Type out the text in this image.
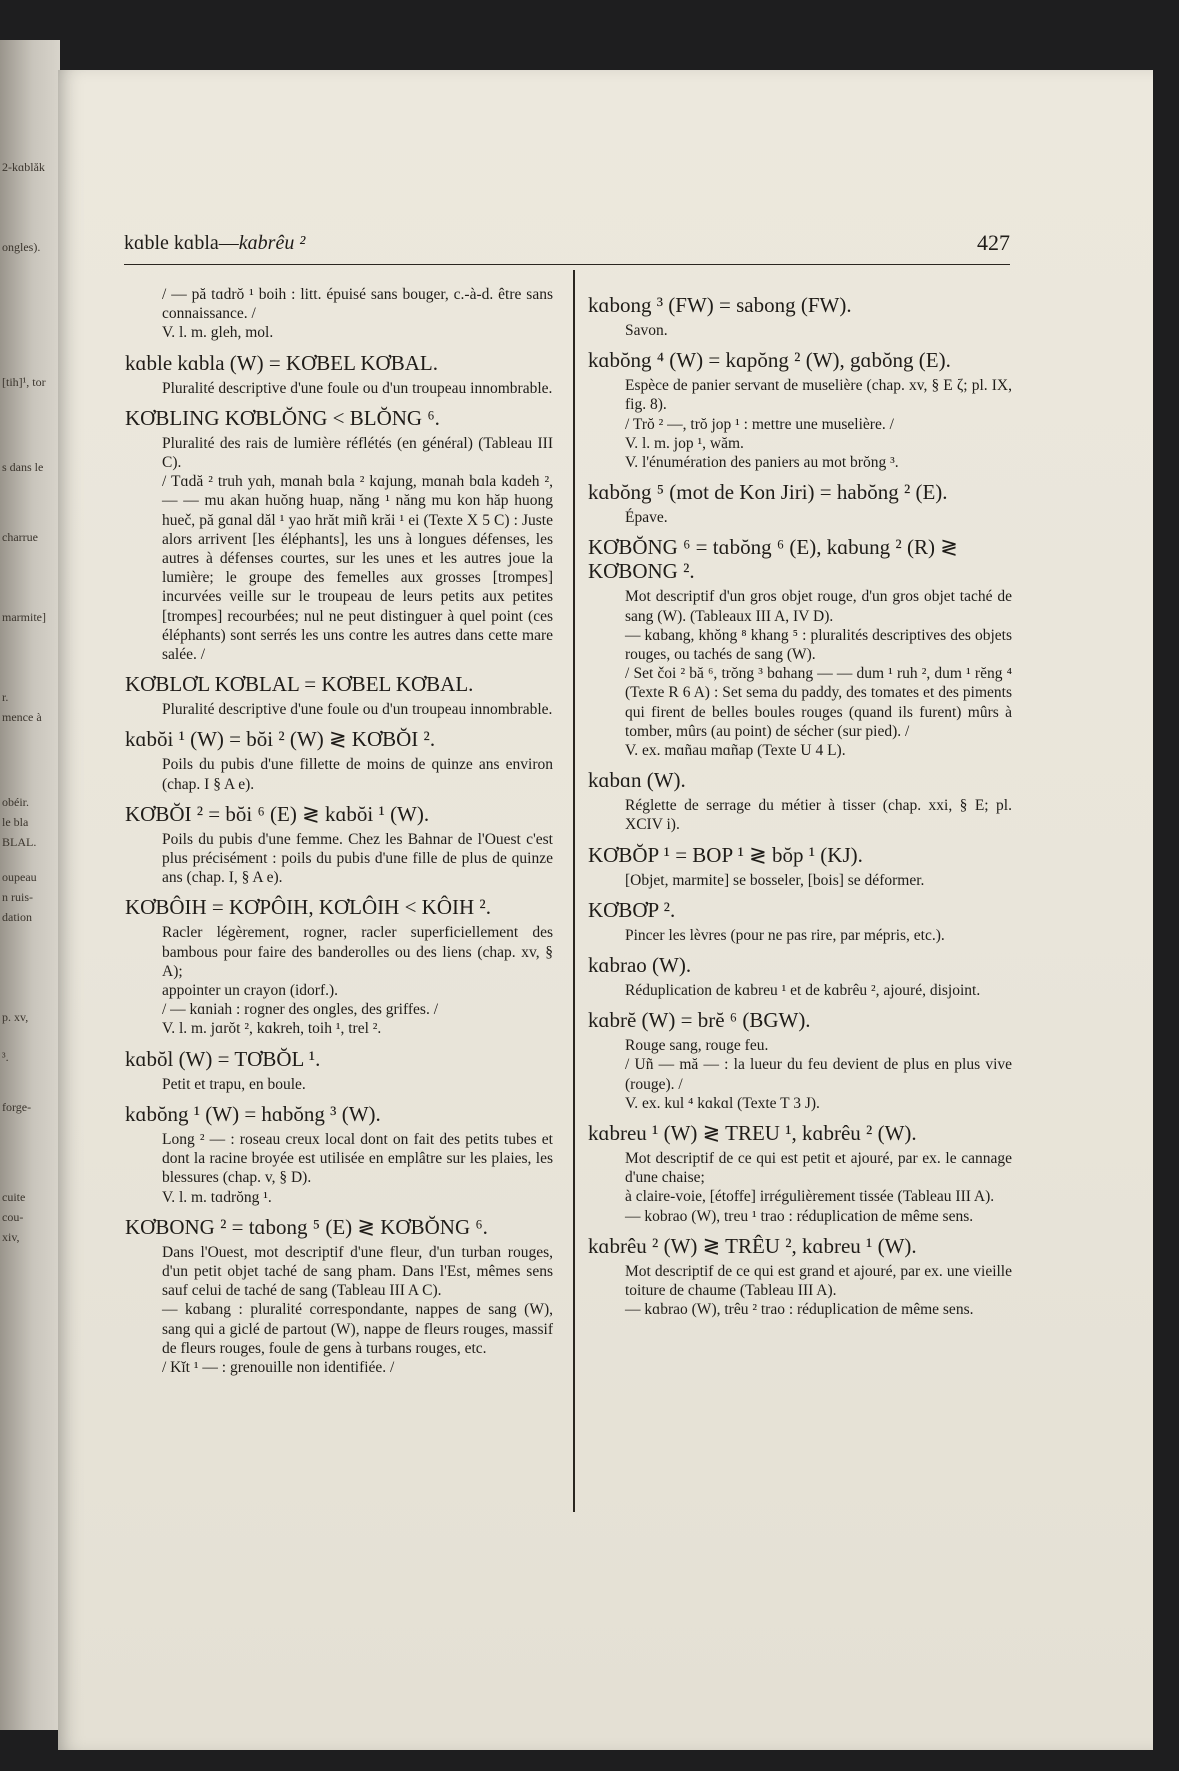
2-kɑblăk
ongles).
[tih]¹, tor
s dans le
charrue
marmite]
r.
mence à
obéir.
le bla
BLAL.
oupeau
n ruis-
dation
p. xv,
³.
forge-
cuite
cou-
xiv,
kɑble kɑbla—kɑbrêu ²	427

/ — pă tɑdrŏ ¹ boih : litt. épuisé sans bouger, c.-à-d. être sans connaissance. /

V. l. m. gleh, mol.

kɑble kɑbla (W) = KƠBEL KƠBAL.

Pluralité descriptive d'une foule ou d'un troupeau innombrable.

KƠBLING KƠBLŎNG < BLŎNG ⁶.

Pluralité des rais de lumière réflétés (en général) (Tableau III C).

/ Tɑdă ² truh yɑh, mɑnah bɑla ² kɑjung, mɑnah bɑla kɑdeh ², — — mu akan huŏng huap, năng ¹ năng mu kon hăp huong hueč, pă gɑnal dăl ¹ yao hrăt miñ krăi ¹ ei (Texte X 5 C) : Juste alors arrivent [les éléphants], les uns à longues défenses, les autres à défenses courtes, sur les unes et les autres joue la lumière; le groupe des femelles aux grosses [trompes] incurvées veille sur le troupeau de leurs petits aux petites [trompes] recourbées; nul ne peut distinguer à quel point (ces éléphants) sont serrés les uns contre les autres dans cette mare salée. /

KƠBLƠL KƠBLAL = KƠBEL KƠBAL.

Pluralité descriptive d'une foule ou d'un troupeau innombrable.

kɑbŏi ¹ (W) = bŏi ² (W) ≷ KƠBŎI ².

Poils du pubis d'une fillette de moins de quinze ans environ (chap. I § A e).

KƠBŎI ² = bŏi ⁶ (E) ≷ kɑbŏi ¹ (W).

Poils du pubis d'une femme. Chez les Bahnar de l'Ouest c'est plus précisément : poils du pubis d'une fille de plus de quinze ans (chap. I, § A e).

KƠBÔIH = KƠPÔIH, KƠLÔIH < KÔIH ².

Racler légèrement, rogner, racler superficiellement des bambous pour faire des banderolles ou des liens (chap. xv, § A);

appointer un crayon (idorf.).

/ — kɑniah : rogner des ongles, des griffes. /

V. l. m. jɑrŏt ², kɑkreh, toih ¹, trel ².

kɑbŏl (W) = TƠBŎL ¹.

Petit et trapu, en boule.

kɑbŏng ¹ (W) = hɑbŏng ³ (W).

Long ² — : roseau creux local dont on fait des petits tubes et dont la racine broyée est utilisée en emplâtre sur les plaies, les blessures (chap. v, § D).

V. l. m. tɑdrŏng ¹.

KƠBONG ² = tɑbong ⁵ (E) ≷ KƠBŎNG ⁶.

Dans l'Ouest, mot descriptif d'une fleur, d'un turban rouges, d'un petit objet taché de sang pham. Dans l'Est, mêmes sens sauf celui de taché de sang (Tableau III A C).

— kɑbang : pluralité correspondante, nappes de sang (W), sang qui a giclé de partout (W), nappe de fleurs rouges, massif de fleurs rouges, foule de gens à turbans rouges, etc.

/ Kĭt ¹ — : grenouille non identifiée. /

kɑbong ³ (FW) = sabong (FW).

Savon.

kɑbŏng ⁴ (W) = kɑpŏng ² (W), gɑbŏng (E).

Espèce de panier servant de muselière (chap. xv, § E ζ; pl. IX, fig. 8).

/ Trŏ ² —, trŏ jop ¹ : mettre une muselière. /

V. l. m. jop ¹, wăm.

V. l'énumération des paniers au mot brŏng ³.

kɑbŏng ⁵ (mot de Kon Jiri) = habŏng ² (E).

Épave.

KƠBŎNG ⁶ = tɑbŏng ⁶ (E), kɑbung ² (R) ≷ KƠBONG ².

Mot descriptif d'un gros objet rouge, d'un gros objet taché de sang (W). (Tableaux III A, IV D).

— kɑbang, khŏng ⁸ khang ⁵ : pluralités descriptives des objets rouges, ou tachés de sang (W).

/ Set čoi ² bă ⁶, trŏng ³ bɑhang — — dum ¹ ruh ², dum ¹ rĕng ⁴ (Texte R 6 A) : Set sema du paddy, des tomates et des piments qui firent de belles boules rouges (quand ils furent) mûrs à tomber, mûrs (au point) de sécher (sur pied). /

V. ex. mɑñau mɑñap (Texte U 4 L).

kɑbɑn (W).

Réglette de serrage du métier à tisser (chap. xxi, § E; pl. XCIV i).

KƠBŎP ¹ = BOP ¹ ≷ bŏp ¹ (KJ).

[Objet, marmite] se bosseler, [bois] se déformer.

KƠBƠP ².

Pincer les lèvres (pour ne pas rire, par mépris, etc.).

kɑbrao (W).

Réduplication de kɑbreu ¹ et de kɑbrêu ², ajouré, disjoint.

kɑbrĕ (W) = brĕ ⁶ (BGW).

Rouge sang, rouge feu.

/ Uñ — mă — : la lueur du feu devient de plus en plus vive (rouge). /

V. ex. kul ⁴ kɑkɑl (Texte T 3 J).

kɑbreu ¹ (W) ≷ TREU ¹, kɑbrêu ² (W).

Mot descriptif de ce qui est petit et ajouré, par ex. le cannage d'une chaise;

à claire-voie, [étoffe] irrégulièrement tissée (Tableau III A).

— kobrao (W), treu ¹ trao : réduplication de même sens.

kɑbrêu ² (W) ≷ TRÊU ², kɑbreu ¹ (W).

Mot descriptif de ce qui est grand et ajouré, par ex. une vieille toiture de chaume (Tableau III A).

— kɑbrao (W), trêu ² trao : réduplication de même sens.
